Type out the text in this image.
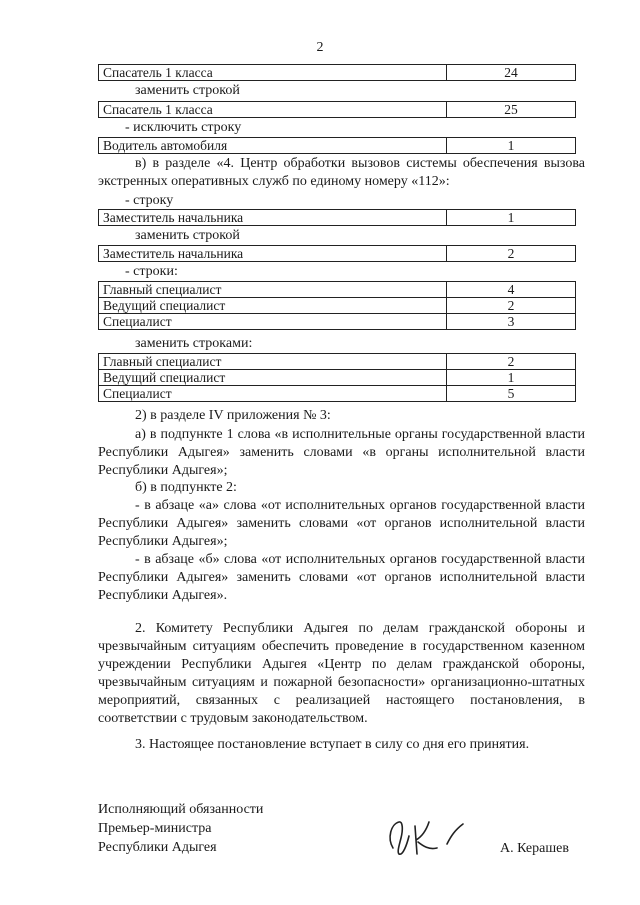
2
Спасатель 1 класса	24
заменить строкой
Спасатель 1 класса	25
- исключить строку
Водитель автомобиля	1
в) в разделе «4. Центр обработки вызовов системы обеспечения вызова экстренных оперативных служб по единому номеру «112»:
- строку
Заместитель начальника	1
заменить строкой
Заместитель начальника	2
- строки:
Главный специалист	4
Ведущий специалист	2
Специалист	3
заменить строками:
Главный специалист	2
Ведущий специалист	1
Специалист	5
2) в разделе IV приложения № 3:
а) в подпункте 1 слова «в исполнительные органы государственной власти Республики Адыгея» заменить словами «в органы исполнительной власти Республики Адыгея»;
б) в подпункте 2:
- в абзаце «а» слова «от исполнительных органов государственной власти Республики Адыгея» заменить словами «от органов исполнительной власти Республики Адыгея»;
- в абзаце «б» слова «от исполнительных органов государственной власти Республики Адыгея» заменить словами «от органов исполнительной власти Республики Адыгея».
2. Комитету Республики Адыгея по делам гражданской обороны и чрезвычайным ситуациям обеспечить проведение в государственном казенном учреждении Республики Адыгея «Центр по делам гражданской обороны, чрезвычайным ситуациям и пожарной безопасности» организационно-штатных мероприятий, связанных с реализацией настоящего постановления, в соответствии с трудовым законодательством.
3. Настоящее постановление вступает в силу со дня его принятия.
Исполняющий обязанности
Премьер-министра
Республики Адыгея	А. Керашев
